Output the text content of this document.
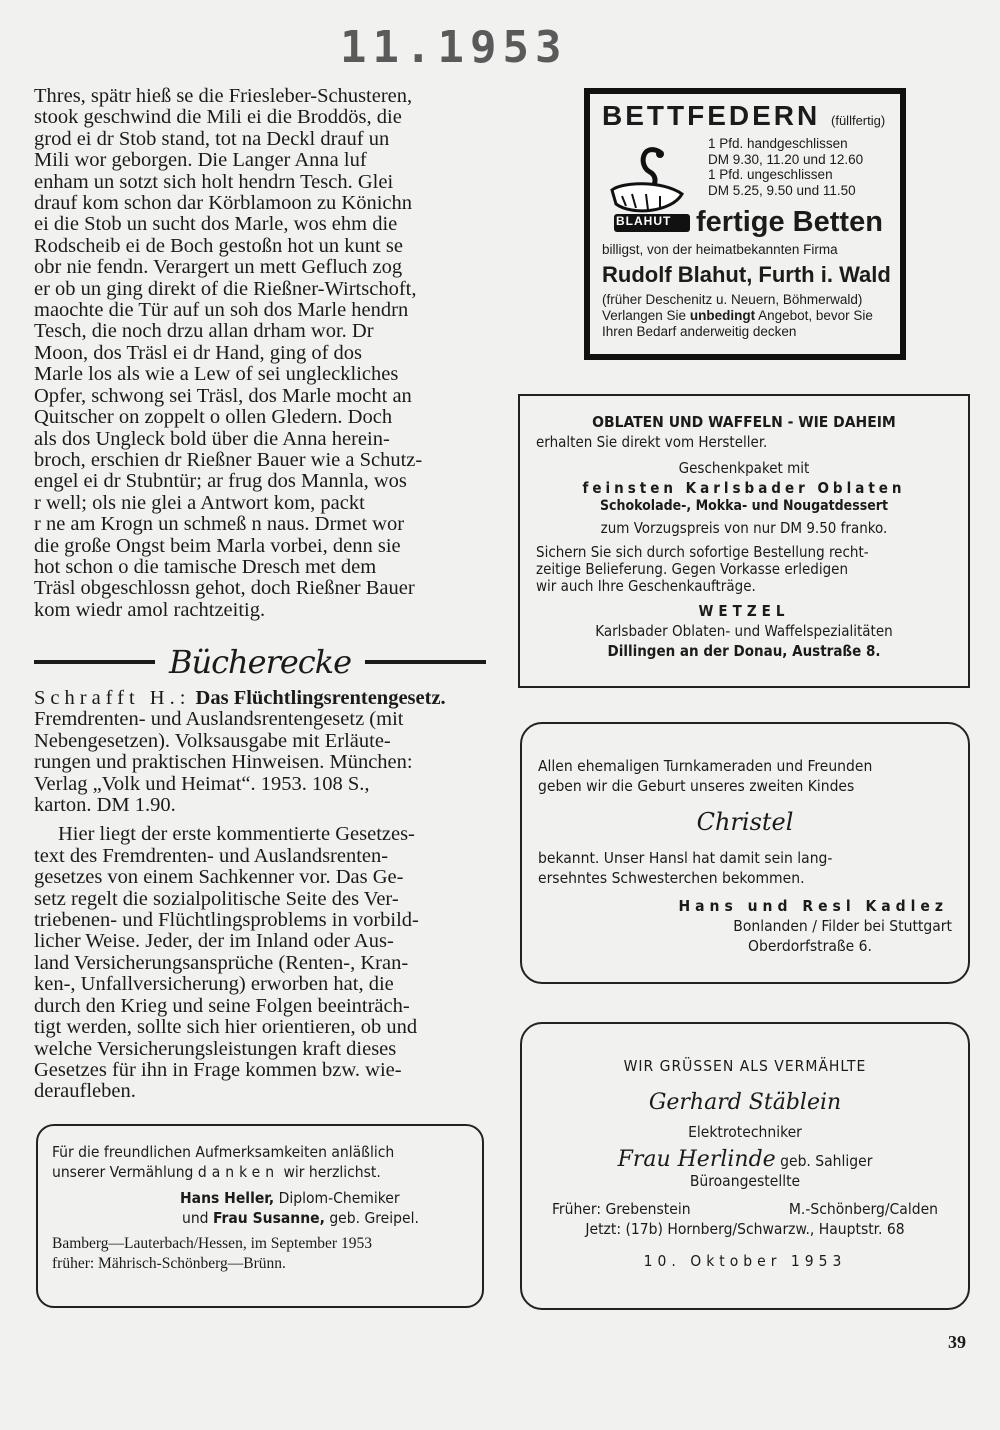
11.1953

Thres, spätr hieß se die Friesleber-Schusteren,

stook geschwind die Mili ei die Broddös, die

grod ei dr Stob stand, tot na Deckl drauf un

Mili wor geborgen. Die Langer Anna luf

enham un sotzt sich holt hendrn Tesch. Glei

drauf kom schon dar Körblamoon zu Könichn

ei die Stob un sucht dos Marle, wos ehm die

Rodscheib ei de Boch gestoßn hot un kunt se

obr nie fendn. Verargert un mett Gefluch zog

er ob un ging direkt of die Rießner-Wirtschoft,

maochte die Tür auf un soh dos Marle hendrn

Tesch, die noch drzu allan drham wor. Dr

Moon, dos Träsl ei dr Hand, ging of dos

Marle los als wie a Lew of sei ungleckliches

Opfer, schwong sei Träsl, dos Marle mocht an

Quitscher on zoppelt o ollen Gledern. Doch

als dos Ungleck bold über die Anna herein-

broch, erschien dr Rießner Bauer wie a Schutz-

engel ei dr Stubntür; ar frug dos Mannla, wos

r well; ols nie glei a Antwort kom, packt

r ne am Krogn un schmeß n naus. Drmet wor

die große Ongst beim Marla vorbei, denn sie

hot schon o die tamische Dresch met dem

Träsl obgeschlossn gehot, doch Rießner Bauer

kom wiedr amol rachtzeitig.

Bücherecke
Schrafft H.: Das Flüchtlingsrentengesetz.

Fremdrenten- und Auslandsrentengesetz (mit

Nebengesetzen). Volksausgabe mit Erläute-

rungen und praktischen Hinweisen. München:

Verlag „Volk und Heimat“. 1953. 108 S.,

karton. DM 1.90.

Hier liegt der erste kommentierte Gesetzes-

text des Fremdrenten- und Auslandsrenten-

gesetzes von einem Sachkenner vor. Das Ge-

setz regelt die sozialpolitische Seite des Ver-

triebenen- und Flüchtlingsproblems in vorbild-

licher Weise. Jeder, der im Inland oder Aus-

land Versicherungsansprüche (Renten-, Kran-

ken-, Unfallversicherung) erworben hat, die

durch den Krieg und seine Folgen beeinträch-

tigt werden, sollte sich hier orientieren, ob und

welche Versicherungsleistungen kraft dieses

Gesetzes für ihn in Frage kommen bzw. wie-

deraufleben.

Für die freundlichen Aufmerksamkeiten anläßlich

unserer Vermählung danken wir herzlichst.

Hans Heller, Diplom-Chemiker

und Frau Susanne, geb. Greipel.

Bamberg—Lauterbach/Hessen, im September 1953

früher: Mährisch-Schönberg—Brünn.

BETTFEDERN (füllfertig)
BLAHUT
1 Pfd. handgeschlissen
DM 9.30, 11.20 und 12.60
1 Pfd. ungeschlissen
DM 5.25, 9.50 und 11.50
fertige Betten
billigst, von der heimatbekannten Firma
Rudolf Blahut, Furth i. Wald
(früher Deschenitz u. Neuern, Böhmerwald)
Verlangen Sie unbedingt Angebot, bevor Sie
Ihren Bedarf anderweitig decken

OBLATEN UND WAFFELN - WIE DAHEIM

erhalten Sie direkt vom Hersteller.

Geschenkpaket mit

feinsten Karlsbader Oblaten

Schokolade-, Mokka- und Nougatdessert

zum Vorzugspreis von nur DM 9.50 franko.

Sichern Sie sich durch sofortige Bestellung recht-

zeitige Belieferung. Gegen Vorkasse erledigen

wir auch Ihre Geschenkaufträge.

WETZEL

Karlsbader Oblaten- und Waffelspezialitäten

Dillingen an der Donau, Austraße 8.

Allen ehemaligen Turnkameraden und Freunden

geben wir die Geburt unseres zweiten Kindes

Christel

bekannt. Unser Hansl hat damit sein lang-

ersehntes Schwesterchen bekommen.

Hans und Resl Kadlez

Bonlanden / Filder bei Stuttgart

Oberdorfstraße 6.

WIR GRÜSSEN ALS VERMÄHLTE

Gerhard Stäblein

Elektrotechniker

Frau Herlinde geb. Sahliger

Büroangestellte

Früher: Grebenstein	M.-Schönberg/Calden

Jetzt: (17b) Hornberg/Schwarzw., Hauptstr. 68

10. Oktober 1953

39
